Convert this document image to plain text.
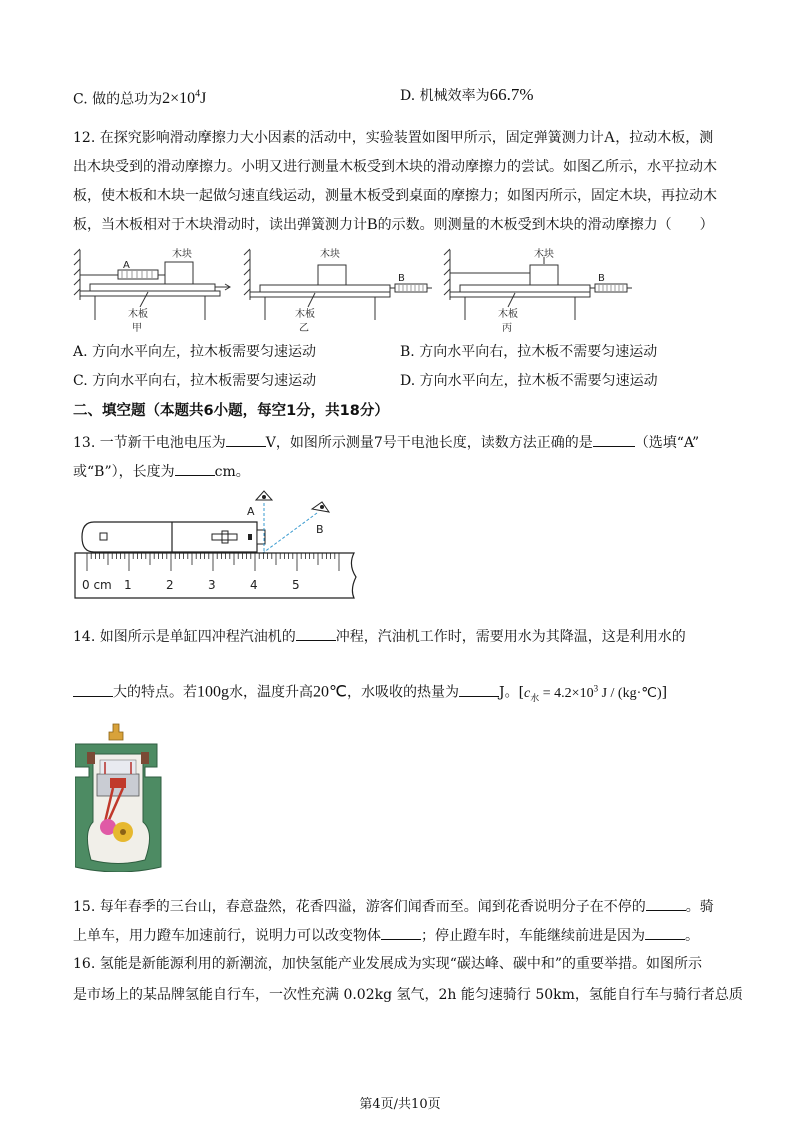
C. 做的总功为$2\times 10^4J$	D. 机械效率为66.7%
12. 在探究影响滑动摩擦力大小因素的活动中，实验装置如图甲所示，固定弹簧测力计A，拉动木板，测
出木块受到的滑动摩擦力。小明又进行测量木板受到木块的滑动摩擦力的尝试。如图乙所示，水平拉动木
板，使木板和木块一起做匀速直线运动，测量木板受到桌面的摩擦力；如图丙所示，固定木块，再拉动木
板，当木板相对于木块滑动时，读出弹簧测力计B的示数。则测量的木板受到木块的滑动摩擦力（　　）
木块
A
木板
甲
木块
B
木板
乙
木块
B
木板
丙
A. 方向水平向左，拉木板需要匀速运动	B. 方向水平向右，拉木板不需要匀速运动
C. 方向水平向右，拉木板需要匀速运动	D. 方向水平向左，拉木板不需要匀速运动
二、填空题（本题共6小题，每空1分，共18分）
13. 一节新干电池电压为	V，如图所示测量7号干电池长度，读数方法正确的是	（选填“A”
或“B”），长度为	cm。
A
B
0 cm 1	2	3	4	5
14. 如图所示是单缸四冲程汽油机的	冲程，汽油机工作时，需要用水为其降温，这是利用水的
大的特点。若100g水，温度升高20℃，水吸收的热量为	J。[$c_水 = 4.2\times 10^3$ J / (kg·℃)]
15. 每年春季的三台山，春意盎然，花香四溢，游客们闻香而至。闻到花香说明分子在不停的	。骑
上单车，用力蹬车加速前行，说明力可以改变物体	；停止蹬车时，车能继续前进是因为	。
16. 氢能是新能源利用的新潮流，加快氢能产业发展成为实现“碳达峰、碳中和”的重要举措。如图所示
是市场上的某品牌氢能自行车，一次性充满 0.02kg 氢气，2h 能匀速骑行 50km，氢能自行车与骑行者总质
第4页/共10页
